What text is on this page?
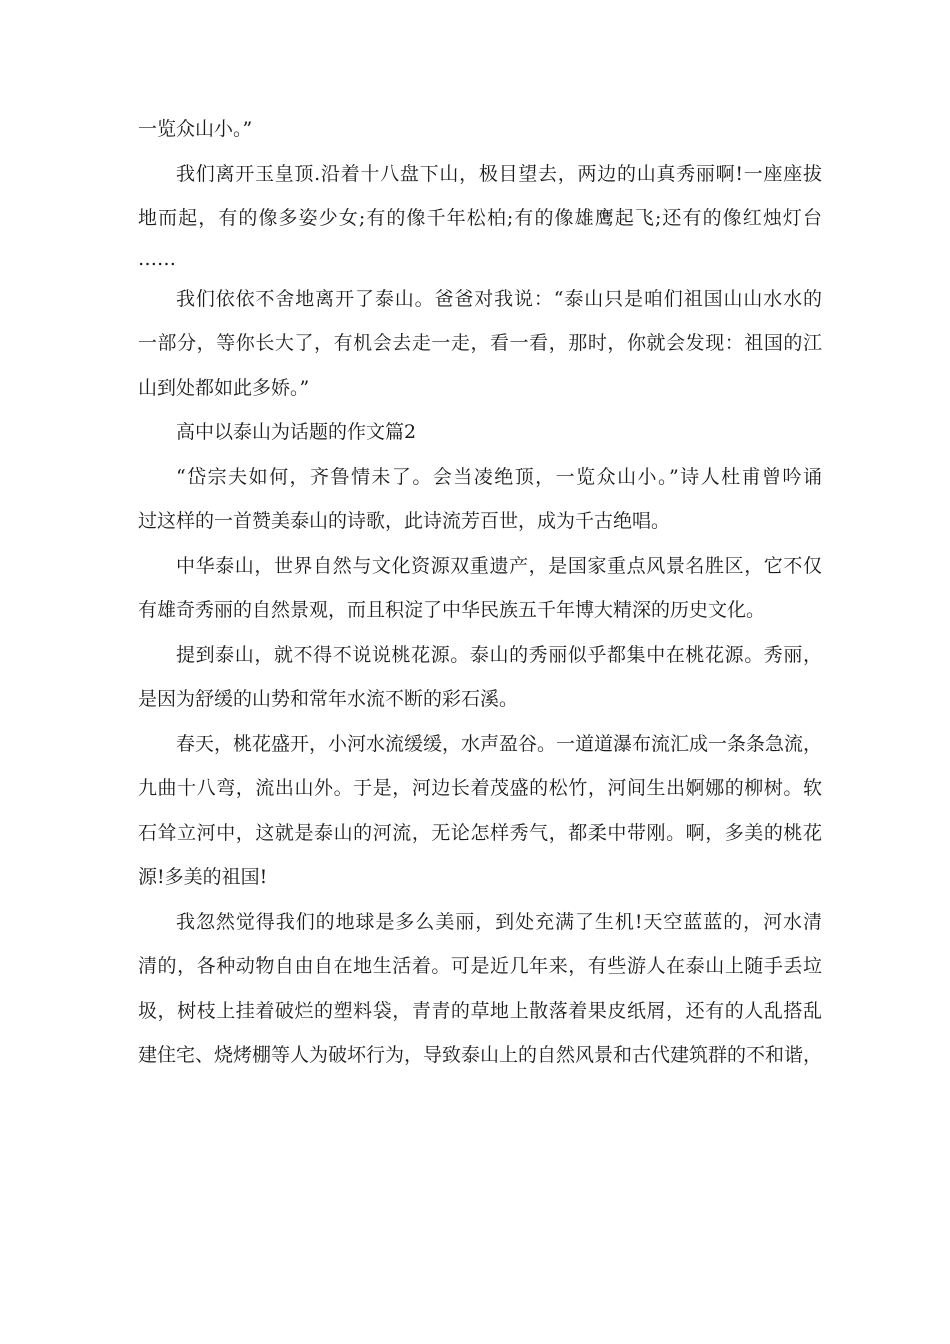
一览众山小。”
我们离开玉皇顶.沿着十八盘下山，极目望去，两边的山真秀丽啊!一座座拔
地而起，有的像多姿少女;有的像千年松柏;有的像雄鹰起飞;还有的像红烛灯台
……
我们依依不舍地离开了泰山。爸爸对我说：“泰山只是咱们祖国山山水水的
一部分，等你长大了，有机会去走一走，看一看，那时，你就会发现：祖国的江
山到处都如此多娇。”
高中以泰山为话题的作文篇2
“岱宗夫如何，齐鲁情未了。会当凌绝顶，一览众山小。”诗人杜甫曾吟诵
过这样的一首赞美泰山的诗歌，此诗流芳百世，成为千古绝唱。
中华泰山，世界自然与文化资源双重遗产，是国家重点风景名胜区，它不仅
有雄奇秀丽的自然景观，而且积淀了中华民族五千年博大精深的历史文化。
提到泰山，就不得不说说桃花源。泰山的秀丽似乎都集中在桃花源。秀丽，
是因为舒缓的山势和常年水流不断的彩石溪。
春天，桃花盛开，小河水流缓缓，水声盈谷。一道道瀑布流汇成一条条急流，
九曲十八弯，流出山外。于是，河边长着茂盛的松竹，河间生出婀娜的柳树。软
石耸立河中，这就是泰山的河流，无论怎样秀气，都柔中带刚。啊，多美的桃花
源!多美的祖国!
我忽然觉得我们的地球是多么美丽，到处充满了生机!天空蓝蓝的，河水清
清的，各种动物自由自在地生活着。可是近几年来，有些游人在泰山上随手丢垃
圾，树枝上挂着破烂的塑料袋，青青的草地上散落着果皮纸屑，还有的人乱搭乱
建住宅、烧烤棚等人为破坏行为，导致泰山上的自然风景和古代建筑群的不和谐，
